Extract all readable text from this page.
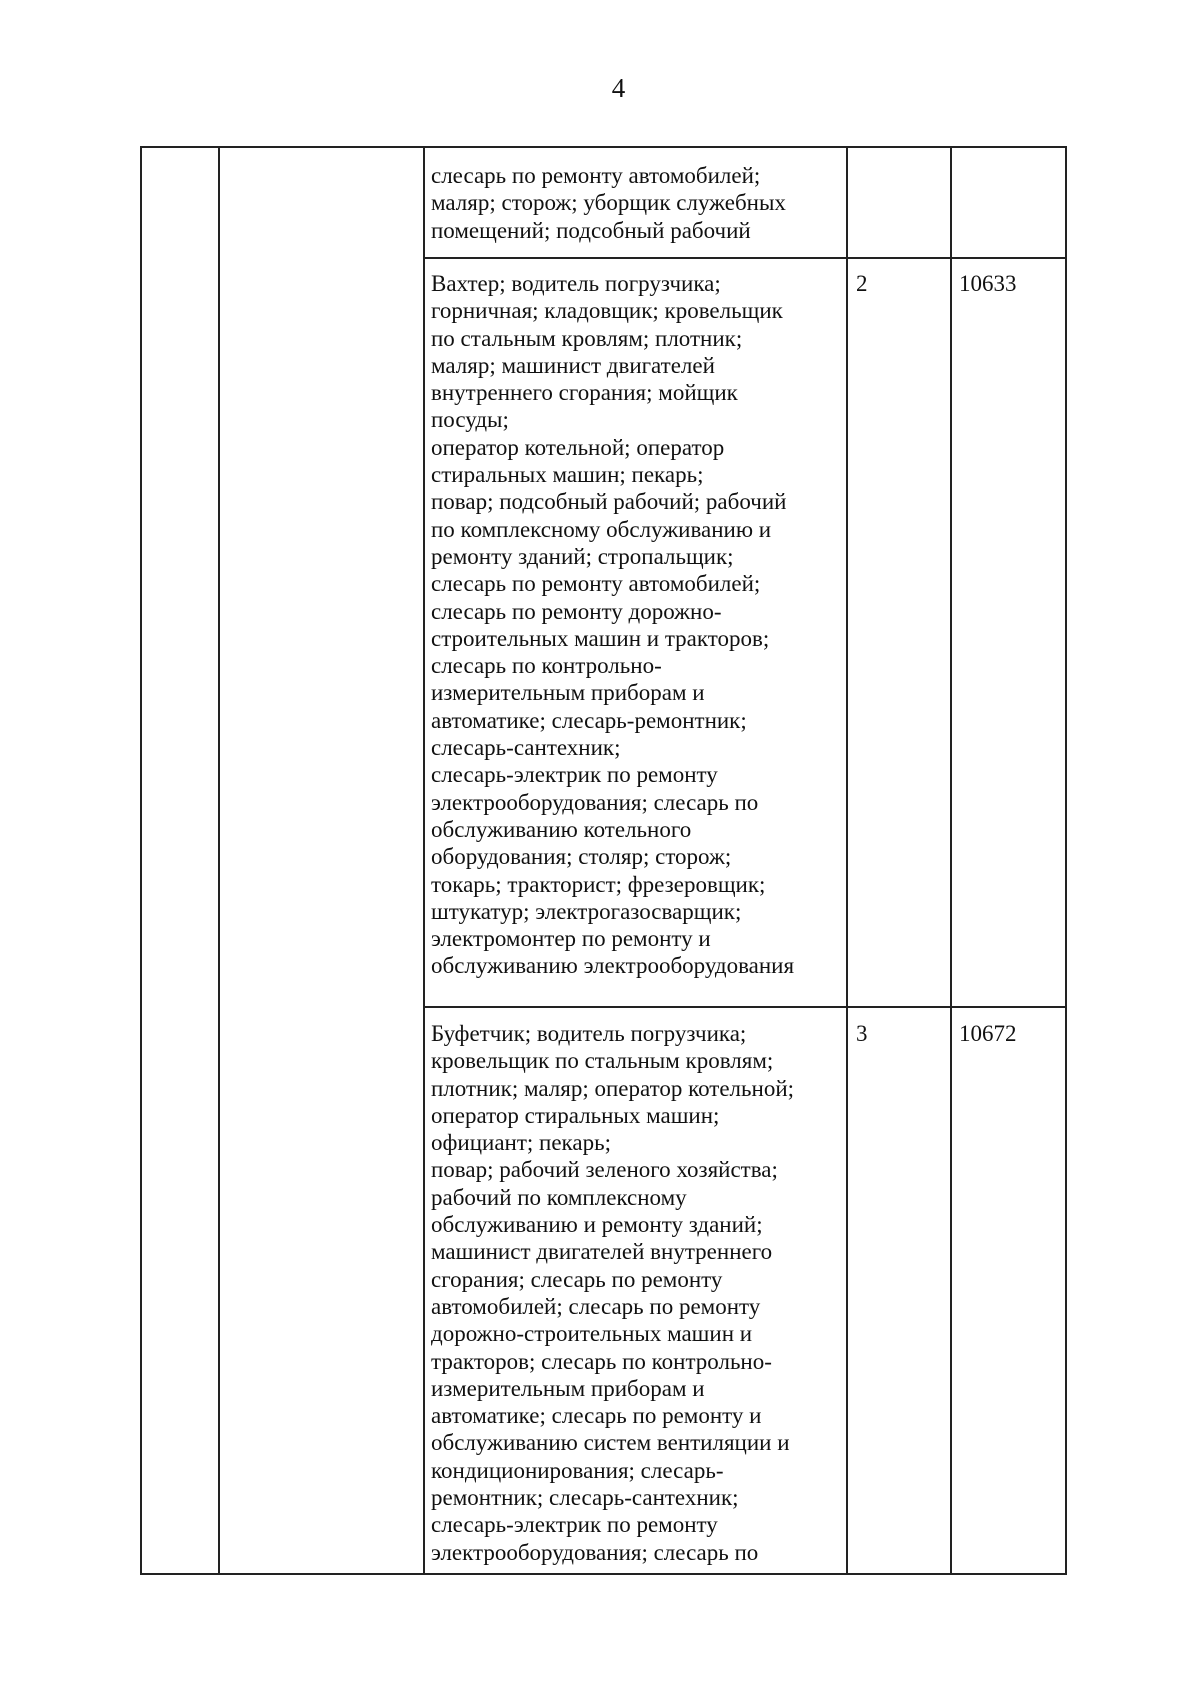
4
слесарь по ремонту автомобилей;
маляр; сторож; уборщик служебных
помещений; подсобный рабочий
Вахтер; водитель погрузчика;
горничная; кладовщик; кровельщик
по стальным кровлям; плотник;
маляр; машинист двигателей
внутреннего сгорания; мойщик
посуды;
оператор котельной; оператор
стиральных машин; пекарь;
повар; подсобный рабочий; рабочий
по комплексному обслуживанию и
ремонту зданий; стропальщик;
слесарь по ремонту автомобилей;
слесарь по ремонту дорожно-
строительных машин и тракторов;
слесарь по контрольно-
измерительным приборам и
автоматике; слесарь-ремонтник;
слесарь-сантехник;
слесарь-электрик по ремонту
электрооборудования; слесарь по
обслуживанию котельного
оборудования; столяр; сторож;
токарь; тракторист; фрезеровщик;
штукатур; электрогазосварщик;
электромонтер по ремонту и
обслуживанию электрооборудования
2	10633
Буфетчик; водитель погрузчика;
кровельщик по стальным кровлям;
плотник; маляр; оператор котельной;
оператор стиральных машин;
официант; пекарь;
повар; рабочий зеленого хозяйства;
рабочий по комплексному
обслуживанию и ремонту зданий;
машинист двигателей внутреннего
сгорания; слесарь по ремонту
автомобилей; слесарь по ремонту
дорожно-строительных машин и
тракторов; слесарь по контрольно-
измерительным приборам и
автоматике; слесарь по ремонту и
обслуживанию систем вентиляции и
кондиционирования; слесарь-
ремонтник; слесарь-сантехник;
слесарь-электрик по ремонту
электрооборудования; слесарь по
3	10672
